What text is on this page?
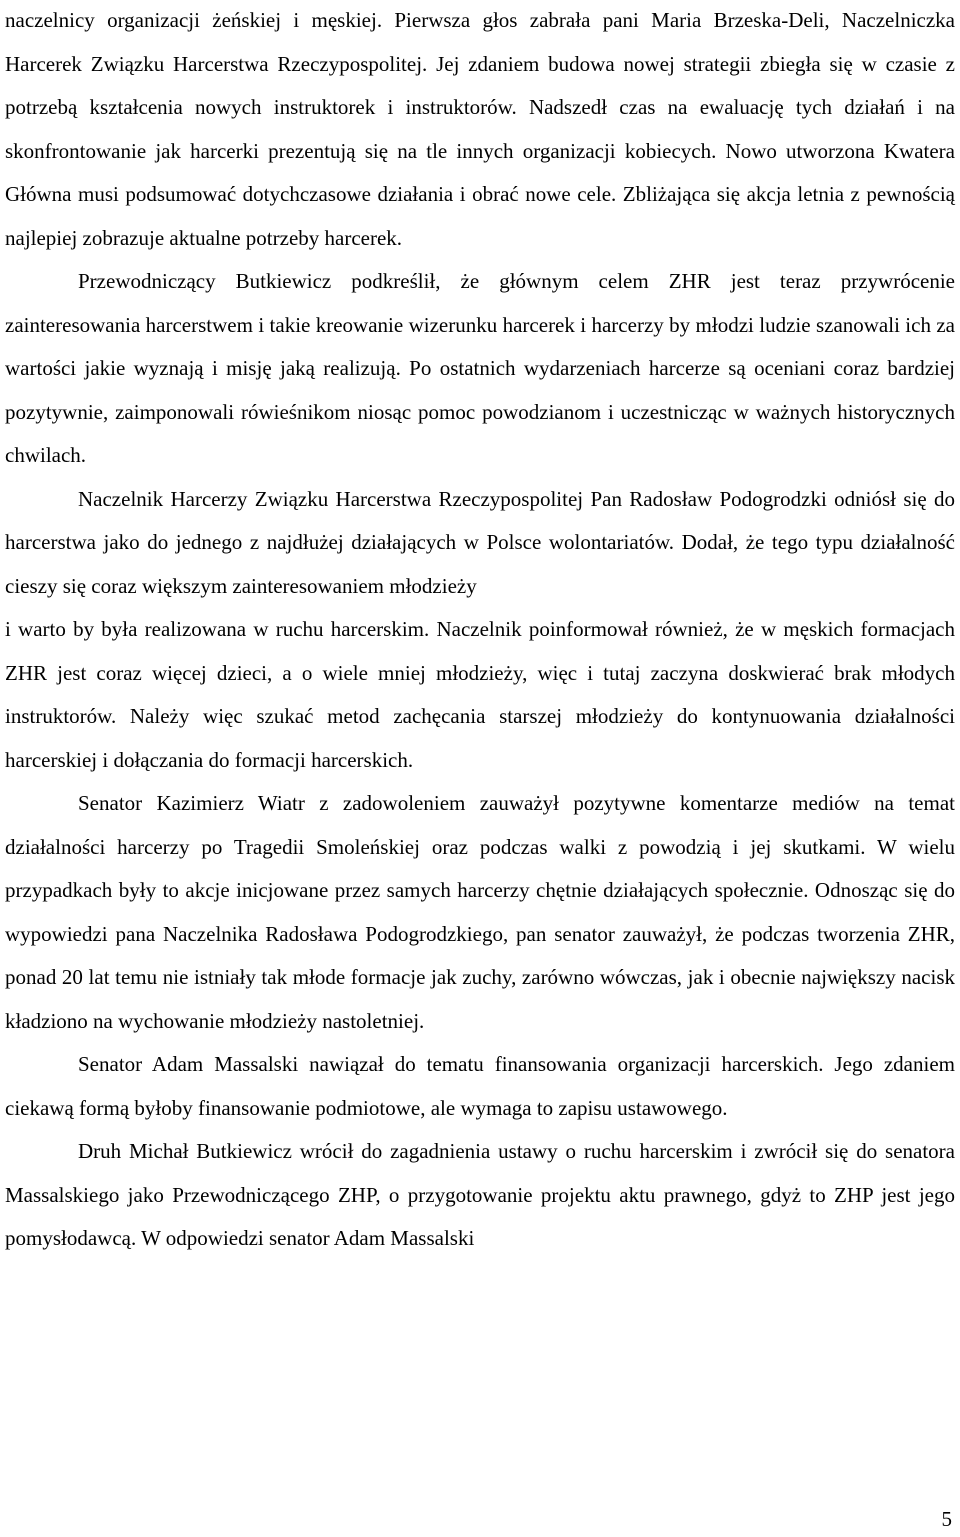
naczelnicy organizacji żeńskiej i męskiej. Pierwsza głos zabrała pani Maria Brzeska-Deli, Naczelniczka Harcerek Związku Harcerstwa Rzeczypospolitej. Jej zdaniem budowa nowej strategii zbiegła się w czasie z potrzebą kształcenia nowych instruktorek i instruktorów. Nadszedł czas na ewaluację tych działań i na skonfrontowanie jak harcerki prezentują się na tle innych organizacji kobiecych. Nowo utworzona Kwatera Główna musi podsumować dotychczasowe działania i obrać nowe cele. Zbliżająca się akcja letnia z pewnością najlepiej zobrazuje aktualne potrzeby harcerek.

Przewodniczący Butkiewicz podkreślił, że głównym celem ZHR jest teraz przywrócenie zainteresowania harcerstwem i takie kreowanie wizerunku harcerek i harcerzy by młodzi ludzie szanowali ich za wartości jakie wyznają i misję jaką realizują. Po ostatnich wydarzeniach harcerze są oceniani coraz bardziej pozytywnie, zaimponowali rówieśnikom niosąc pomoc powodzianom i uczestnicząc w ważnych historycznych chwilach.

Naczelnik Harcerzy Związku Harcerstwa Rzeczypospolitej Pan Radosław Podogrodzki odniósł się do harcerstwa jako do jednego z najdłużej działających w Polsce wolontariatów. Dodał, że tego typu działalność cieszy się coraz większym zainteresowaniem młodzieży

i warto by była realizowana w ruchu harcerskim. Naczelnik poinformował również, że w męskich formacjach ZHR jest coraz więcej dzieci, a o wiele mniej młodzieży, więc i tutaj zaczyna doskwierać brak młodych instruktorów. Należy więc szukać metod zachęcania starszej młodzieży do kontynuowania działalności harcerskiej i dołączania do formacji harcerskich.

Senator Kazimierz Wiatr z zadowoleniem zauważył pozytywne komentarze mediów na temat działalności harcerzy po Tragedii Smoleńskiej oraz podczas walki z powodzią i jej skutkami. W wielu przypadkach były to akcje inicjowane przez samych harcerzy chętnie działających społecznie. Odnosząc się do wypowiedzi pana Naczelnika Radosława Podogrodzkiego, pan senator zauważył, że podczas tworzenia ZHR, ponad 20 lat temu nie istniały tak młode formacje jak zuchy, zarówno wówczas, jak i obecnie największy nacisk kładziono na wychowanie młodzieży nastoletniej.

Senator Adam Massalski nawiązał do tematu finansowania organizacji harcerskich. Jego zdaniem ciekawą formą byłoby finansowanie podmiotowe, ale wymaga to zapisu ustawowego.

Druh Michał Butkiewicz wrócił do zagadnienia ustawy o ruchu harcerskim i zwrócił się do senatora Massalskiego jako Przewodniczącego ZHP, o przygotowanie projektu aktu prawnego, gdyż to ZHP jest jego pomysłodawcą. W odpowiedzi senator Adam Massalski

5
